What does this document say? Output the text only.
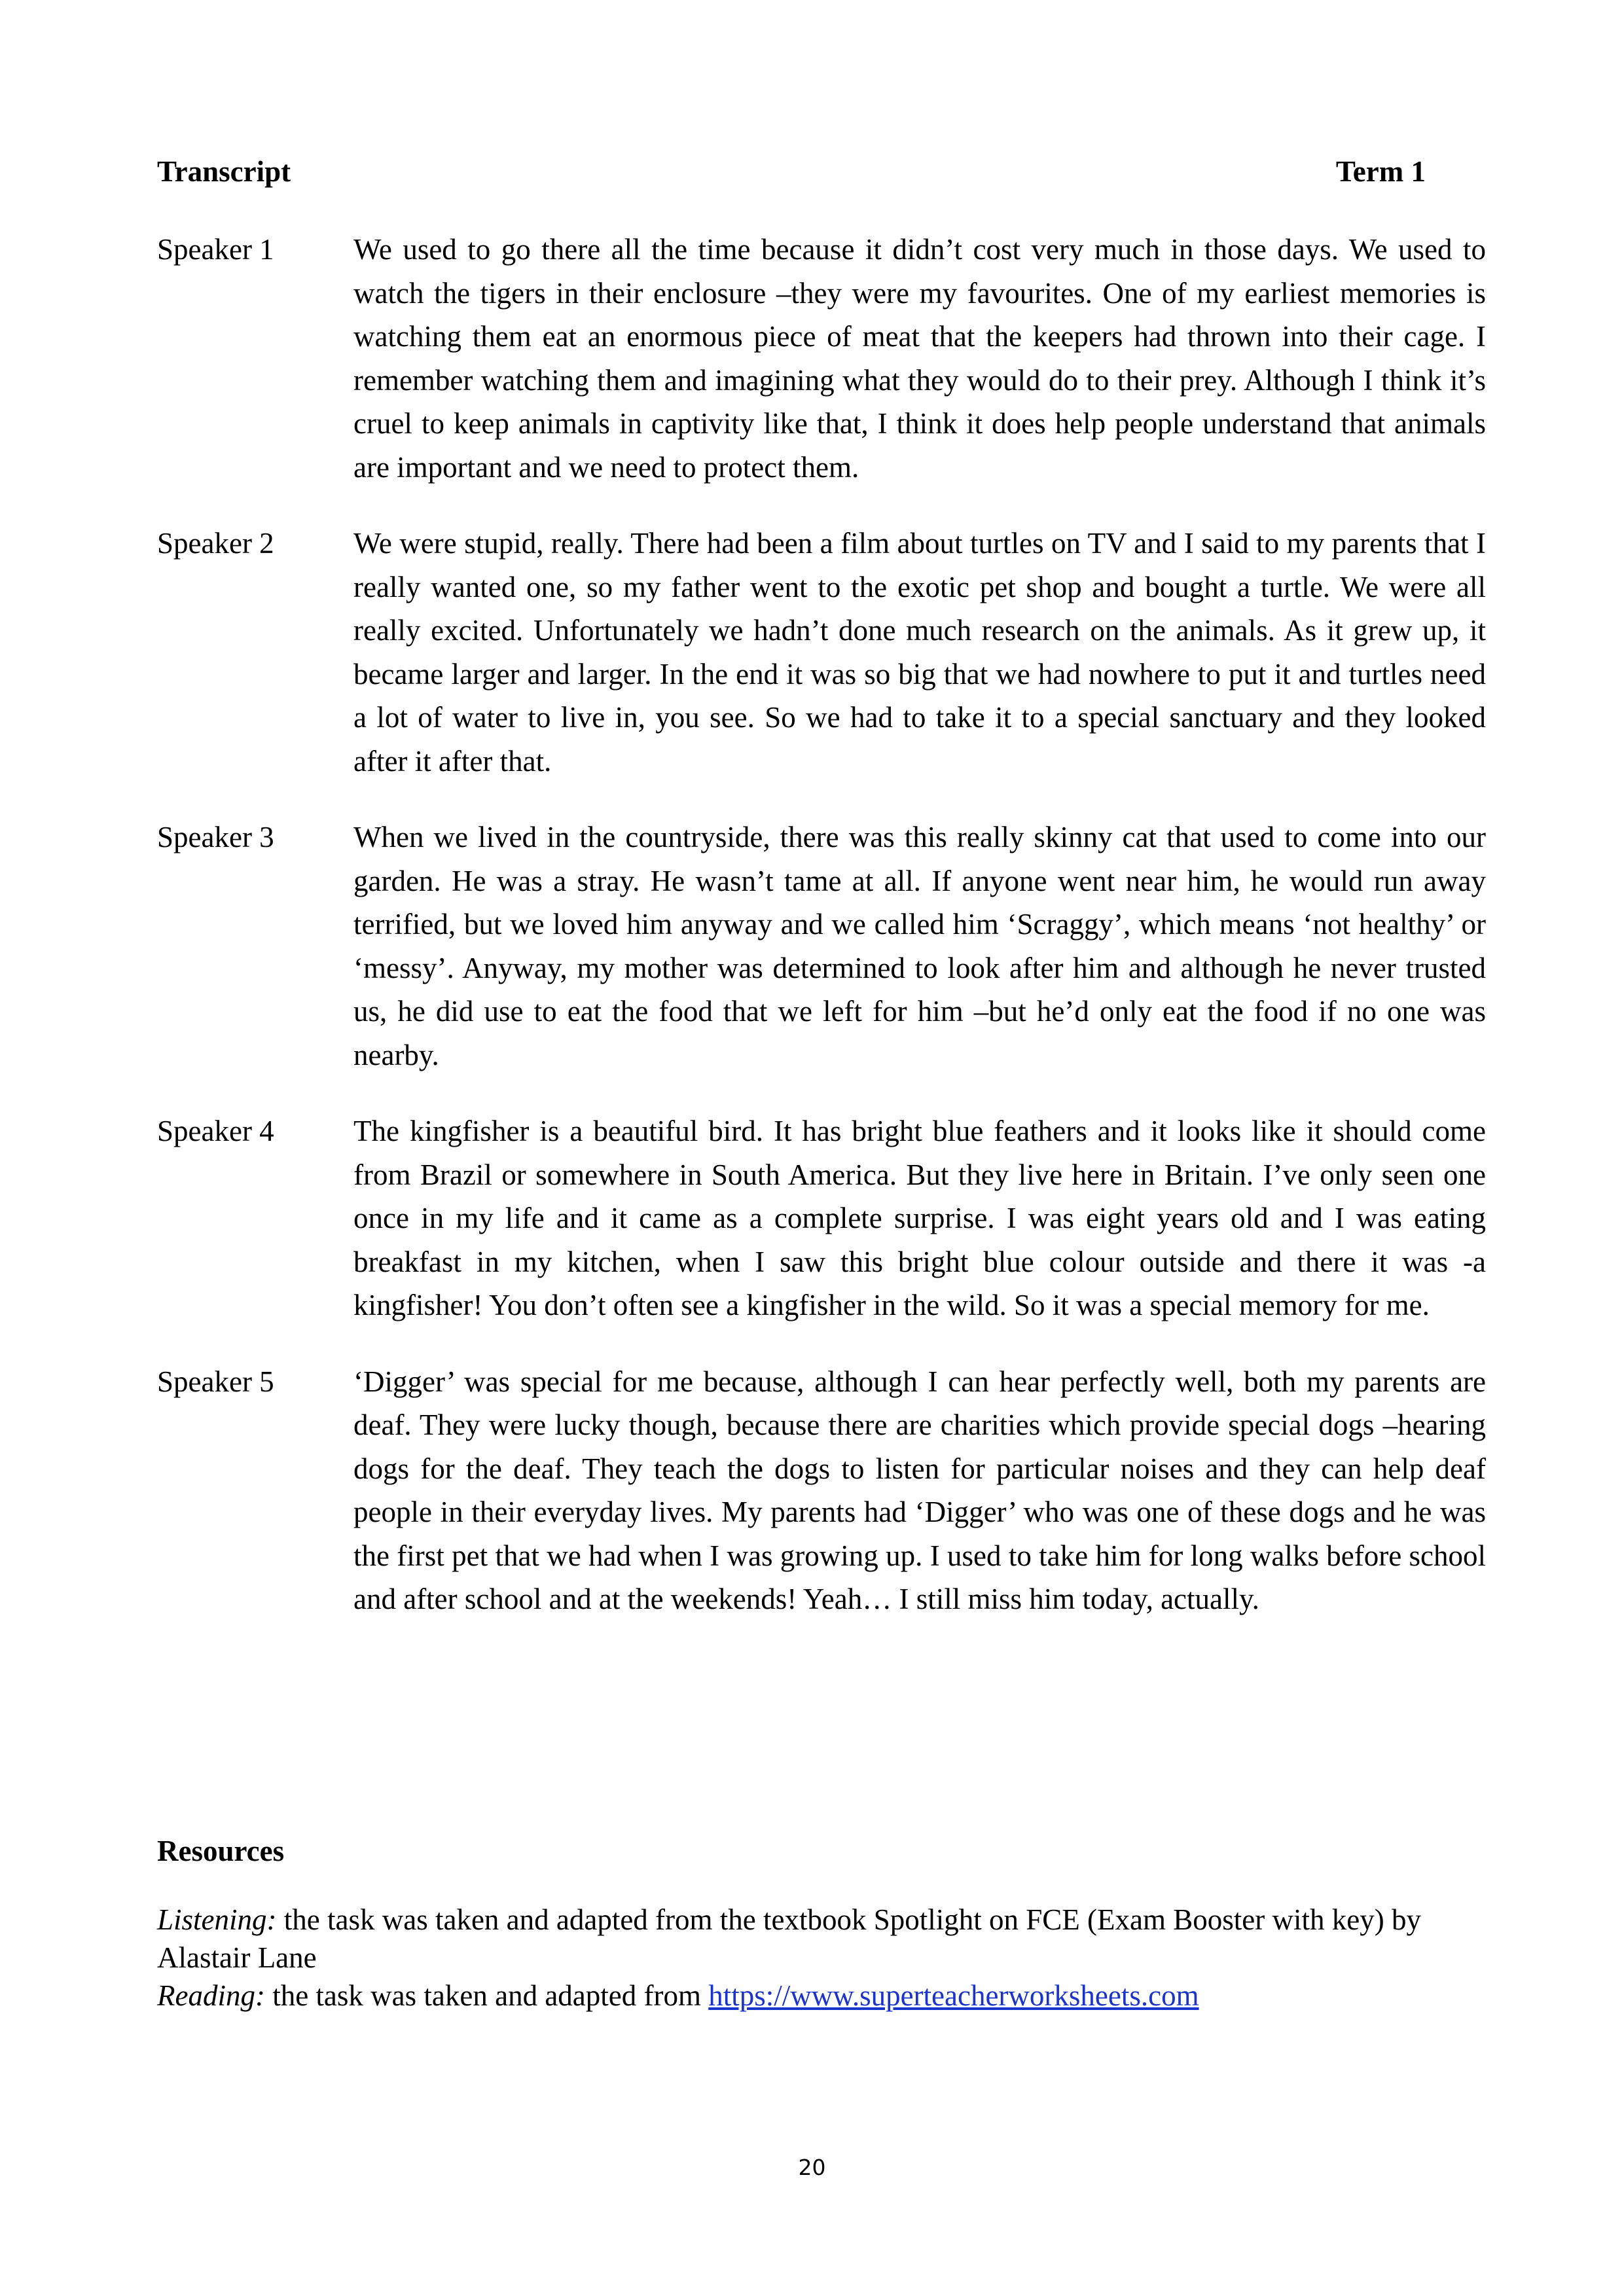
Transcript	Term 1
Speaker 1	We used to go there all the time because it didn’t cost very much in those days. We used to watch the tigers in their enclosure –they were my favourites. One of my earliest memories is watching them eat an enormous piece of meat that the keepers had thrown into their cage. I remember watching them and imagining what they would do to their prey. Although I think it’s cruel to keep animals in captivity like that, I think it does help people understand that animals are important and we need to protect them.
Speaker 2	We were stupid, really. There had been a film about turtles on TV and I said to my parents that I really wanted one, so my father went to the exotic pet shop and bought a turtle. We were all really excited. Unfortunately we hadn’t done much research on the animals. As it grew up, it became larger and larger. In the end it was so big that we had nowhere to put it and turtles need a lot of water to live in, you see. So we had to take it to a special sanctuary and they looked after it after that.
Speaker 3	When we lived in the countryside, there was this really skinny cat that used to come into our garden. He was a stray. He wasn’t tame at all. If anyone went near him, he would run away terrified, but we loved him anyway and we called him ‘Scraggy’, which means ‘not healthy’ or ‘messy’. Anyway, my mother was determined to look after him and although he never trusted us, he did use to eat the food that we left for him –but he’d only eat the food if no one was nearby.
Speaker 4	The kingfisher is a beautiful bird. It has bright blue feathers and it looks like it should come from Brazil or somewhere in South America. But they live here in Britain. I’ve only seen one once in my life and it came as a complete surprise. I was eight years old and I was eating breakfast in my kitchen, when I saw this bright blue colour outside and there it was -a kingfisher! You don’t often see a kingfisher in the wild. So it was a special memory for me.
Speaker 5	‘Digger’ was special for me because, although I can hear perfectly well, both my parents are deaf. They were lucky though, because there are charities which provide special dogs –hearing dogs for the deaf. They teach the dogs to listen for particular noises and they can help deaf people in their everyday lives. My parents had ‘Digger’ who was one of these dogs and he was the first pet that we had when I was growing up. I used to take him for long walks before school and after school and at the weekends! Yeah… I still miss him today, actually.
Resources

Listening: the task was taken and adapted from the textbook Spotlight on FCE (Exam Booster with key) by Alastair Lane

Reading: the task was taken and adapted from https://www.superteacherworksheets.com

20
